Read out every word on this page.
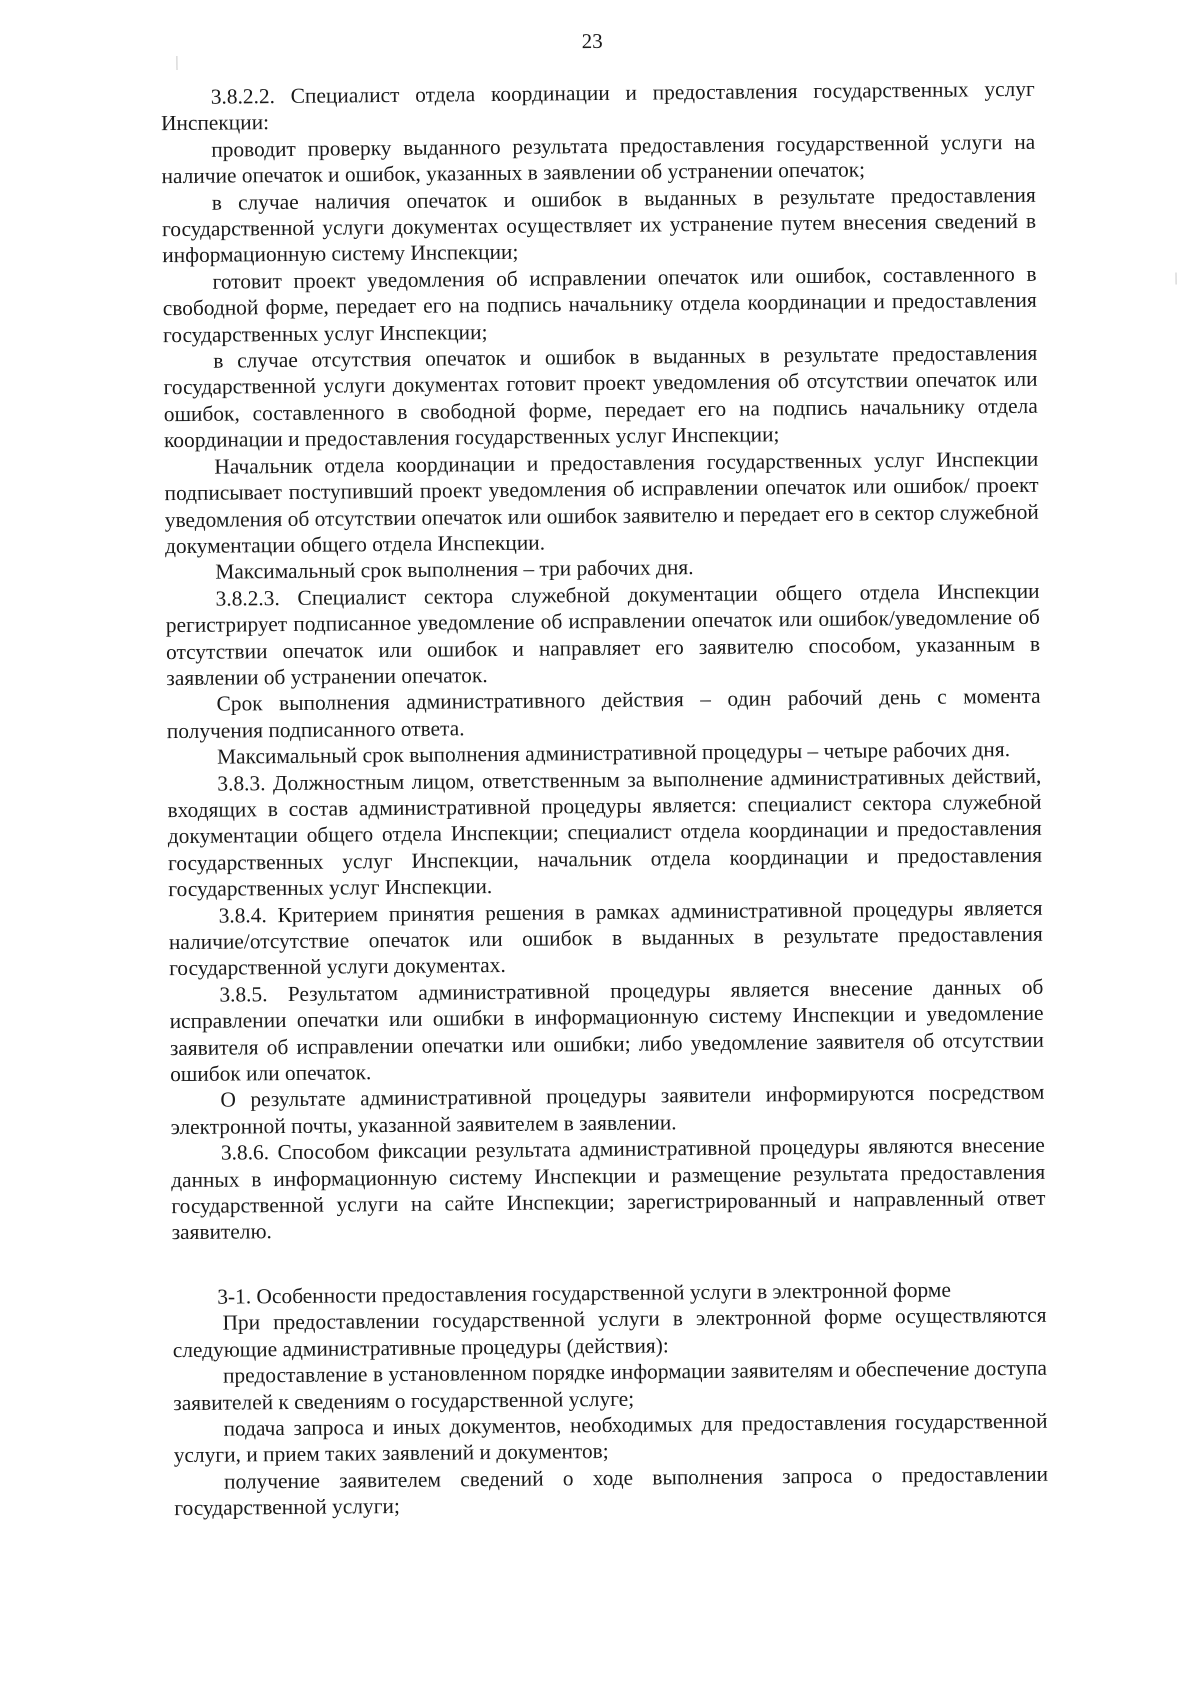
23

3.8.2.2. Специалист отдела координации и предоставления государственных услуг Инспекции:

проводит проверку выданного результата предоставления государственной услуги на наличие опечаток и ошибок, указанных в заявлении об устранении опечаток;

в случае наличия опечаток и ошибок в выданных в результате предоставления государственной услуги документах осуществляет их устранение путем внесения сведений в информационную систему Инспекции;

готовит проект уведомления об исправлении опечаток или ошибок, составленного в свободной форме, передает его на подпись начальнику отдела координации и предоставления государственных услуг Инспекции;

в случае отсутствия опечаток и ошибок в выданных в результате предоставления государственной услуги документах готовит проект уведомления об отсутствии опечаток или ошибок, составленного в свободной форме, передает его на подпись начальнику отдела координации и предоставления государственных услуг Инспекции;

Начальник отдела координации и предоставления государственных услуг Инспекции подписывает поступивший проект уведомления об исправлении опечаток или ошибок/ проект уведомления об отсутствии опечаток или ошибок заявителю и передает его в сектор служебной документации общего отдела Инспекции.

Максимальный срок выполнения – три рабочих дня.

3.8.2.3. Специалист сектора служебной документации общего отдела Инспекции регистрирует подписанное уведомление об исправлении опечаток или ошибок/уведомление об отсутствии опечаток или ошибок и направляет его заявителю способом, указанным в заявлении об устранении опечаток.

Срок выполнения административного действия – один рабочий день с момента получения подписанного ответа.

Максимальный срок выполнения административной процедуры – четыре рабочих дня.

3.8.3. Должностным лицом, ответственным за выполнение административных действий, входящих в состав административной процедуры является: специалист сектора служебной документации общего отдела Инспекции; специалист отдела координации и предоставления государственных услуг Инспекции, начальник отдела координации и предоставления государственных услуг Инспекции.

3.8.4. Критерием принятия решения в рамках административной процедуры является наличие/отсутствие опечаток или ошибок в выданных в результате предоставления государственной услуги документах.

3.8.5. Результатом административной процедуры является внесение данных об исправлении опечатки или ошибки в информационную систему Инспекции и уведомление заявителя об исправлении опечатки или ошибки; либо уведомление заявителя об отсутствии ошибок или опечаток.

О результате административной процедуры заявители информируются посредством электронной почты, указанной заявителем в заявлении.

3.8.6. Способом фиксации результата административной процедуры являются внесение данных в информационную систему Инспекции и размещение результата предоставления государственной услуги на сайте Инспекции; зарегистрированный и направленный ответ заявителю.

3-1. Особенности предоставления государственной услуги в электронной форме

При предоставлении государственной услуги в электронной форме осуществляются следующие административные процедуры (действия):

предоставление в установленном порядке информации заявителям и обеспечение доступа заявителей к сведениям о государственной услуге;

подача запроса и иных документов, необходимых для предоставления государственной услуги, и прием таких заявлений и документов;

получение заявителем сведений о ходе выполнения запроса о предоставлении государственной услуги;
